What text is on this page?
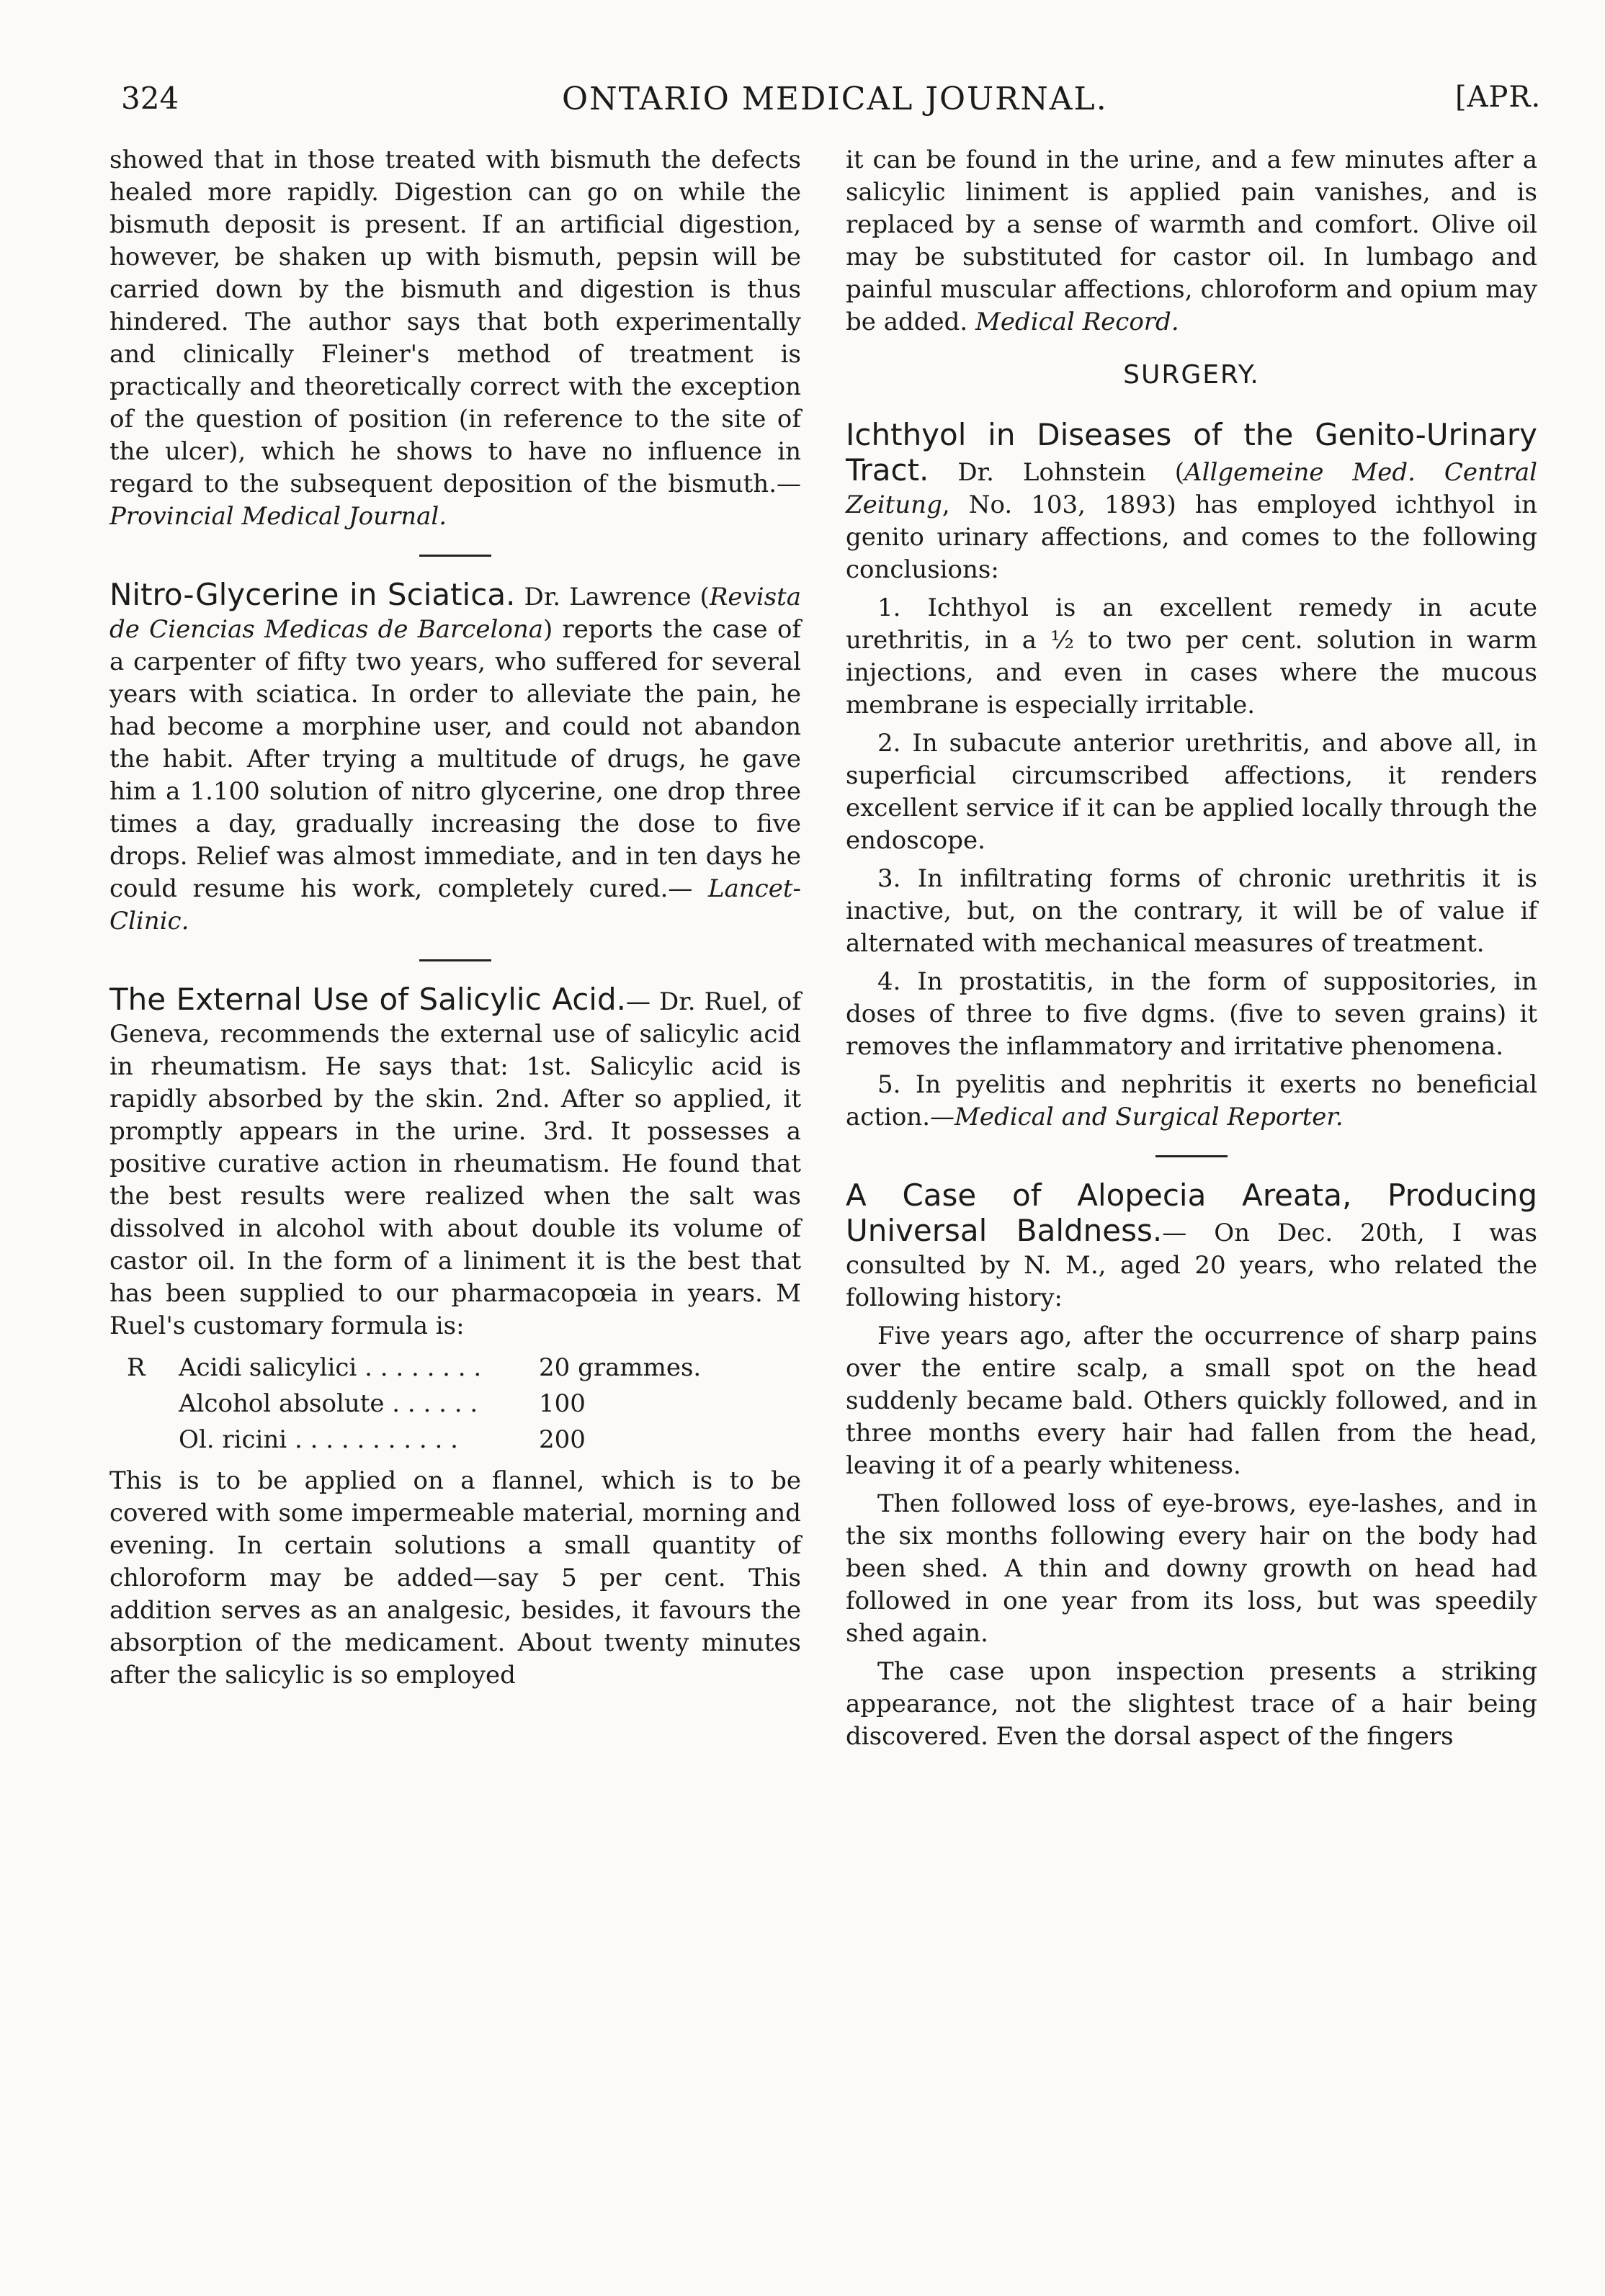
324	ONTARIO MEDICAL JOURNAL.	[APR.

showed that in those treated with bismuth the defects healed more rapidly. Digestion can go on while the bismuth deposit is present. If an artificial digestion, however, be shaken up with bismuth, pepsin will be carried down by the bismuth and digestion is thus hindered. The author says that both experimentally and clinically Fleiner's method of treatment is practically and theoretically correct with the exception of the question of position (in reference to the site of the ulcer), which he shows to have no influence in regard to the subsequent deposition of the bismuth.—Provincial Medical Journal.

Nitro-Glycerine in Sciatica. Dr. Lawrence (Revista de Ciencias Medicas de Barcelona) reports the case of a carpenter of fifty two years, who suffered for several years with sciatica. In order to alleviate the pain, he had become a morphine user, and could not abandon the habit. After trying a multitude of drugs, he gave him a 1.100 solution of nitro glycerine, one drop three times a day, gradually increasing the dose to five drops. Relief was almost immediate, and in ten days he could resume his work, completely cured.— Lancet-Clinic.

The External Use of Salicylic Acid.— Dr. Ruel, of Geneva, recommends the external use of salicylic acid in rheumatism. He says that: 1st. Salicylic acid is rapidly absorbed by the skin. 2nd. After so applied, it promptly appears in the urine. 3rd. It possesses a positive curative action in rheumatism. He found that the best results were realized when the salt was dissolved in alcohol with about double its volume of castor oil. In the form of a liniment it is the best that has been supplied to our pharmacopœia in years. M Ruel's customary formula is:

R	Acidi salicylici . . . . . . . .	20 grammes.
Alcohol absolute . . . . . .	100
Ol. ricini . . . . . . . . . . .	200

This is to be applied on a flannel, which is to be covered with some impermeable material, morning and evening. In certain solutions a small quantity of chloroform may be added—say 5 per cent. This addition serves as an analgesic, besides, it favours the absorption of the medicament. About twenty minutes after the salicylic is so employed

it can be found in the urine, and a few minutes after a salicylic liniment is applied pain vanishes, and is replaced by a sense of warmth and comfort. Olive oil may be substituted for castor oil. In lumbago and painful muscular affections, chloroform and opium may be added. Medical Record.

SURGERY.

Ichthyol in Diseases of the Genito-Urinary Tract. Dr. Lohnstein (Allgemeine Med. Central Zeitung, No. 103, 1893) has employed ichthyol in genito urinary affections, and comes to the following conclusions:

1. Ichthyol is an excellent remedy in acute urethritis, in a ½ to two per cent. solution in warm injections, and even in cases where the mucous membrane is especially irritable.

2. In subacute anterior urethritis, and above all, in superficial circumscribed affections, it renders excellent service if it can be applied locally through the endoscope.

3. In infiltrating forms of chronic urethritis it is inactive, but, on the contrary, it will be of value if alternated with mechanical measures of treatment.

4. In prostatitis, in the form of suppositories, in doses of three to five dgms. (five to seven grains) it removes the inflammatory and irritative phenomena.

5. In pyelitis and nephritis it exerts no beneficial action.—Medical and Surgical Reporter.

A Case of Alopecia Areata, Producing Universal Baldness.— On Dec. 20th, I was consulted by N. M., aged 20 years, who related the following history:

Five years ago, after the occurrence of sharp pains over the entire scalp, a small spot on the head suddenly became bald. Others quickly followed, and in three months every hair had fallen from the head, leaving it of a pearly whiteness.

Then followed loss of eye-brows, eye-lashes, and in the six months following every hair on the body had been shed. A thin and downy growth on head had followed in one year from its loss, but was speedily shed again.

The case upon inspection presents a striking appearance, not the slightest trace of a hair being discovered. Even the dorsal aspect of the fingers
